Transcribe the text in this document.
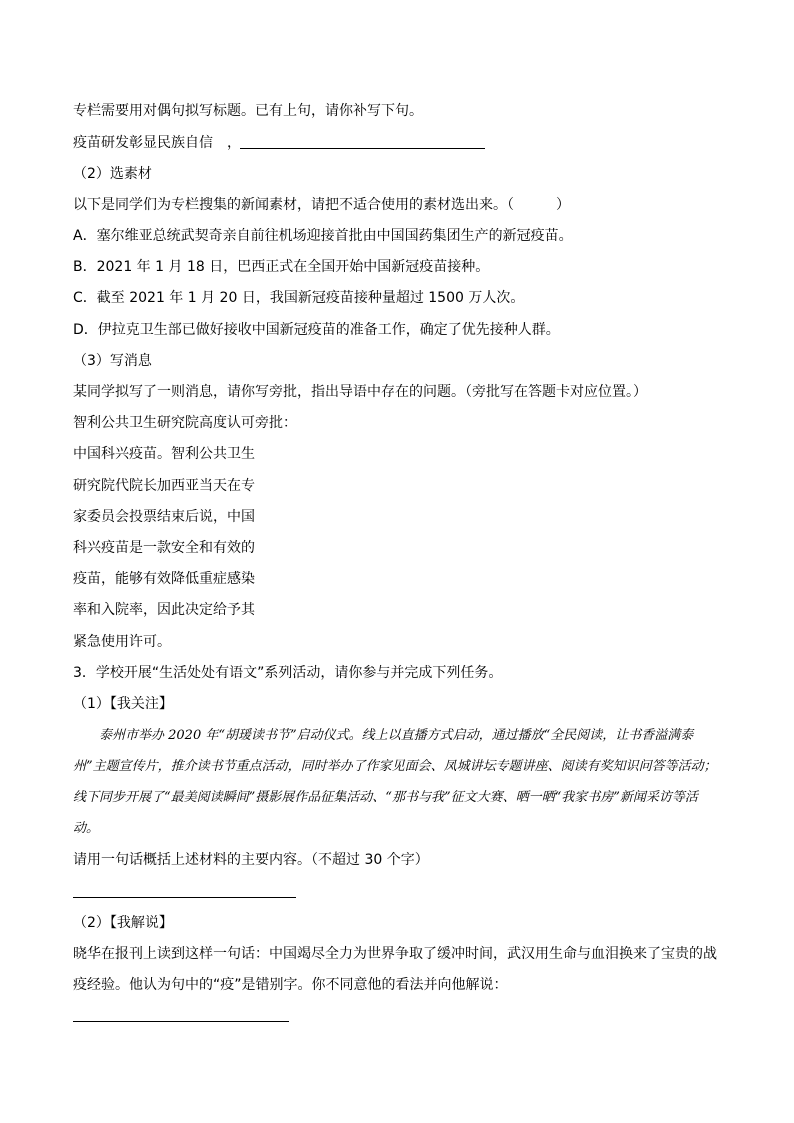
专栏需要用对偶句拟写标题。已有上句，请你补写下句。
疫苗研发彰显民族自信　，
（2）选素材
以下是同学们为专栏搜集的新闻素材，请把不适合使用的素材选出来。（　　　）
A．塞尔维亚总统武契奇亲自前往机场迎接首批由中国国药集团生产的新冠疫苗。
B．2021 年 1 月 18 日，巴西正式在全国开始中国新冠疫苗接种。
C．截至 2021 年 1 月 20 日，我国新冠疫苗接种量超过 1500 万人次。
D．伊拉克卫生部已做好接收中国新冠疫苗的准备工作，确定了优先接种人群。
（3）写消息
某同学拟写了一则消息，请你写旁批，指出导语中存在的问题。（旁批写在答题卡对应位置。）
智利公共卫生研究院高度认可旁批：
中国科兴疫苗。智利公共卫生
研究院代院长加西亚当天在专
家委员会投票结束后说，中国
科兴疫苗是一款安全和有效的
疫苗，能够有效降低重症感染
率和入院率，因此决定给予其
紧急使用许可。
3．学校开展“生活处处有语文”系列活动，请你参与并完成下列任务。
（1）【我关注】
泰州市举办 2020 年“胡瑗读书节”启动仪式。线上以直播方式启动，通过播放“全民阅读，让书香溢满泰州”主题宣传片，推介读书节重点活动，同时举办了作家见面会、凤城讲坛专题讲座、阅读有奖知识问答等活动；线下同步开展了“最美阅读瞬间”摄影展作品征集活动、“那书与我”征文大赛、晒一晒“我家书房”新闻采访等活动。
请用一句话概括上述材料的主要内容。（不超过 30 个字）
（2）【我解说】
晓华在报刊上读到这样一句话：中国竭尽全力为世界争取了缓冲时间，武汉用生命与血泪换来了宝贵的战
疫经验。他认为句中的“疫”是错别字。你不同意他的看法并向他解说：
